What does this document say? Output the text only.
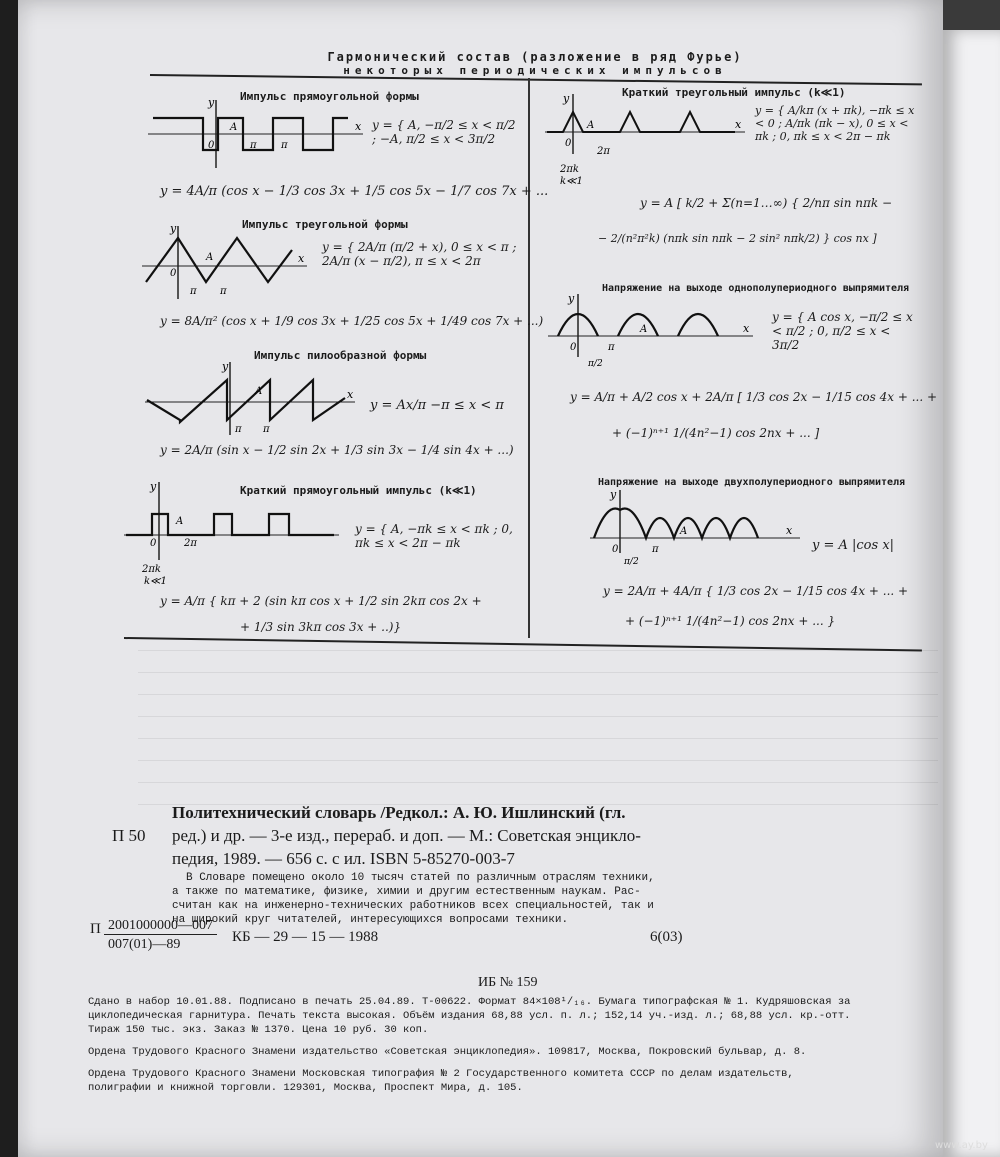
Гармонический состав (разложение в ряд Фурье)
некоторых периодических импульсов
Импульс прямоугольной формы
y
A
0	π π
x y = { A, −π/2 ≤ x < π/2 ; −A, π/2 ≤ x < 3π/2
y = 4A/π (cos x − 1/3 cos 3x + 1/5 cos 5x − 1/7 cos 7x + ...
Импульс треугольной формы
y
A
0
π π
x
y = { 2A/π (π/2 + x), 0 ≤ x < π ; 2A/π (x − π/2), π ≤ x < 2π
y = 8A/π² (cos x + 1/9 cos 3x + 1/25 cos 5x + 1/49 cos 7x + ...)
Импульс пилообразной формы
y
A
π π
x
y = Ax/π −π ≤ x < π
y = 2A/π (sin x − 1/2 sin 2x + 1/3 sin 3x − 1/4 sin 4x + ...)
Краткий прямоугольный импульс (k≪1)
y
A
0	2π
2πk
k≪1
y = { A, −πk ≤ x < πk ; 0, πk ≤ x < 2π − πk
y = A/π { kπ + 2 (sin kπ cos x + 1/2 sin 2kπ cos 2x +
+ 1/3 sin 3kπ cos 3x + ..)}
Краткий треугольный импульс (k≪1)
y
A
0
2π
2πk
k≪1
x
y = { A/kπ (x + πk), −πk ≤ x < 0 ; A/πk (πk − x), 0 ≤ x < πk ; 0, πk ≤ x < 2π − πk
y = A [ k/2 + Σ(n=1…∞) { 2/nπ sin nπk −
− 2/(n²π²k) (nπk sin nπk − 2 sin² nπk/2) } cos nx ]
Напряжение на выходе однополупериодного выпрямителя
y
A
0	π
π/2
x
y = { A cos x, −π/2 ≤ x < π/2 ; 0, π/2 ≤ x < 3π/2
y = A/π + A/2 cos x + 2A/π [ 1/3 cos 2x − 1/15 cos 4x + ... +
+ (−1)ⁿ⁺¹ 1/(4n²−1) cos 2nx + ... ]
Напряжение на выходе двухполупериодного выпрямителя
y
A
0
π/2
π
x
y = A |cos x|
y = 2A/π + 4A/π { 1/3 cos 2x − 1/15 cos 4x + ... +
+ (−1)ⁿ⁺¹ 1/(4n²−1) cos 2nx + ... }
П 50
Политехнический словарь /Редкол.: А. Ю. Ишлинский (гл.
ред.) и др. — 3-е изд., перераб. и доп. — М.: Советская энцикло-
педия, 1989. — 656 с. с ил. ISBN 5-85270-003-7
В Словаре помещено около 10 тысяч статей по различным отраслям техники,
а также по математике, физике, химии и другим естественным наукам. Рас-
считан как на инженерно-технических работников всех специальностей, так и
на широкий круг читателей, интересующихся вопросами техники.
П 2001000000—007
007(01)—89	КБ — 29 — 15 — 1988	6(03)
ИБ № 159
Сдано в набор 10.01.88. Подписано в печать 25.04.89. Т-00622. Формат 84×108¹/₁₆. Бумага типографская № 1. Кудряшовская за
циклопедическая гарнитура. Печать текста высокая. Объём издания 68,88 усл. п. л.; 152,14 уч.-изд. л.; 68,88 усл. кр.-отт.
Тираж 150 тыс. экз. Заказ № 1370. Цена 10 руб. 30 коп.
Ордена Трудового Красного Знамени издательство «Советская энциклопедия». 109817, Москва, Покровский бульвар, д. 8.
Ордена Трудового Красного Знамени Московская типография № 2 Государственного комитета СССР по делам издательств,
полиграфии и книжной торговли. 129301, Москва, Проспект Мира, д. 105.
www.ay.by
